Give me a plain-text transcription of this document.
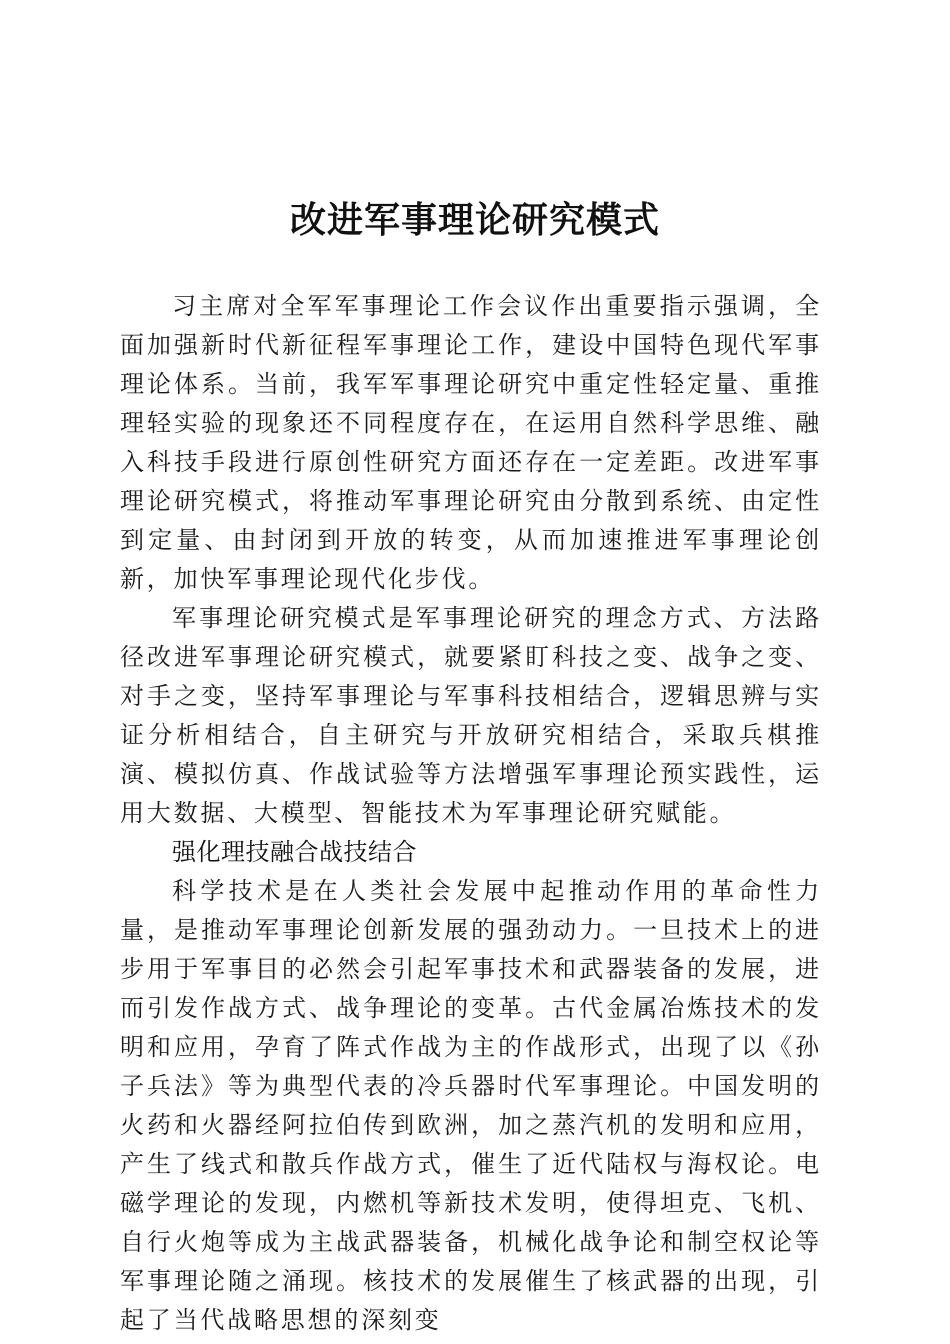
改进军事理论研究模式

习主席对全军军事理论工作会议作出重要指示强调，全面加强新时代新征程军事理论工作，建设中国特色现代军事理论体系。当前，我军军事理论研究中重定性轻定量、重推理轻实验的现象还不同程度存在，在运用自然科学思维、融入科技手段进行原创性研究方面还存在一定差距。改进军事理论研究模式，将推动军事理论研究由分散到系统、由定性到定量、由封闭到开放的转变，从而加速推进军事理论创新，加快军事理论现代化步伐。

军事理论研究模式是军事理论研究的理念方式、方法路径改进军事理论研究模式，就要紧盯科技之变、战争之变、对手之变，坚持军事理论与军事科技相结合，逻辑思辨与实证分析相结合，自主研究与开放研究相结合，采取兵棋推演、模拟仿真、作战试验等方法增强军事理论预实践性，运用大数据、大模型、智能技术为军事理论研究赋能。

强化理技融合战技结合

科学技术是在人类社会发展中起推动作用的革命性力量，是推动军事理论创新发展的强劲动力。一旦技术上的进步用于军事目的必然会引起军事技术和武器装备的发展，进而引发作战方式、战争理论的变革。古代金属冶炼技术的发明和应用，孕育了阵式作战为主的作战形式，出现了以《孙子兵法》等为典型代表的冷兵器时代军事理论。中国发明的火药和火器经阿拉伯传到欧洲，加之蒸汽机的发明和应用，产生了线式和散兵作战方式，催生了近代陆权与海权论。电磁学理论的发现，内燃机等新技术发明，使得坦克、飞机、自行火炮等成为主战武器装备，机械化战争论和制空权论等军事理论随之涌现。核技术的发展催生了核武器的出现，引起了当代战略思想的深刻变
